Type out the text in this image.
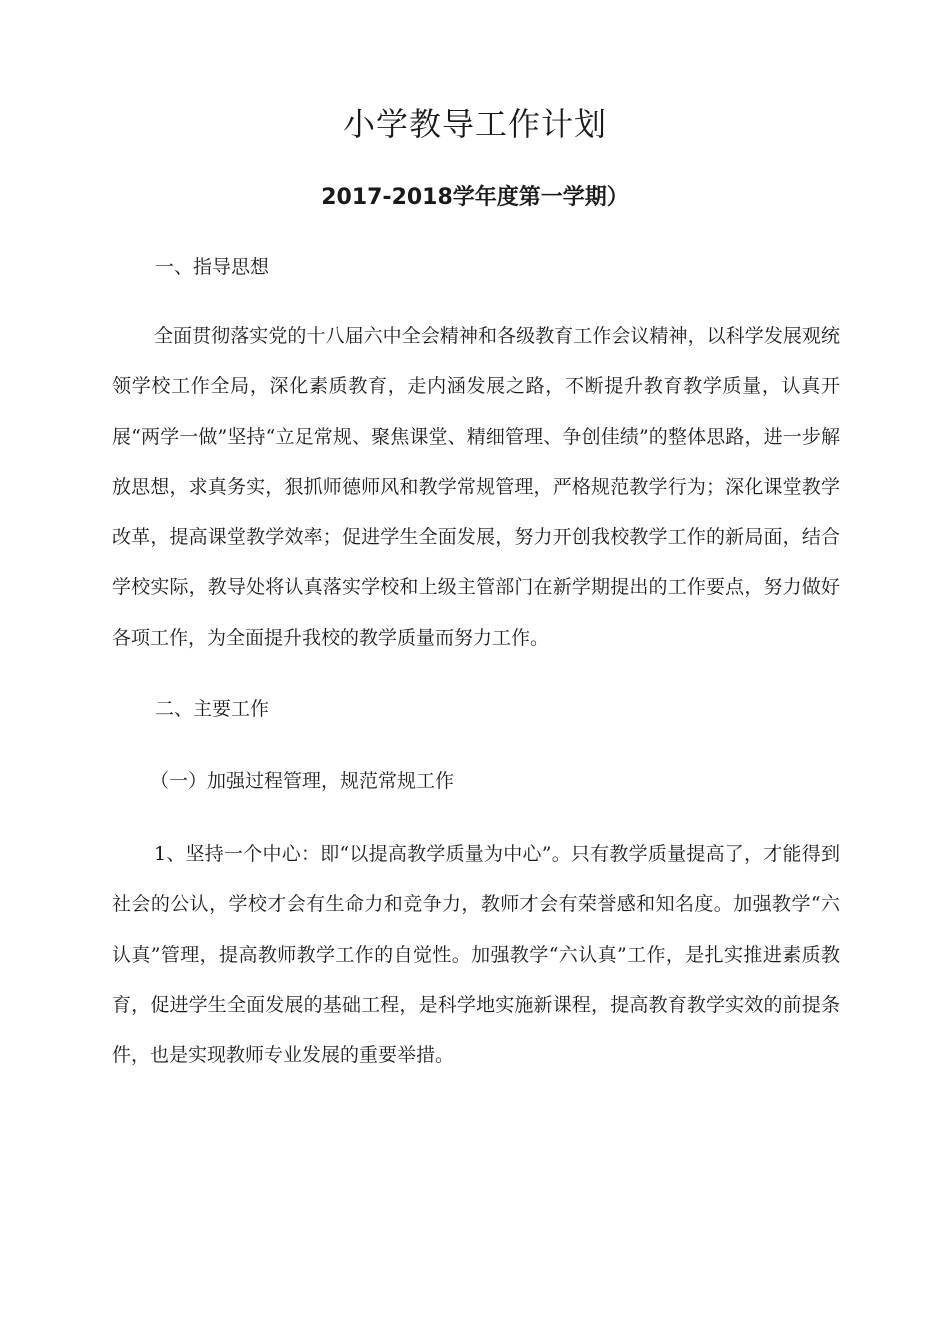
小学教导工作计划
2017-2018学年度第一学期）

一、指导思想

全面贯彻落实党的十八届六中全会精神和各级教育工作会议精神，以科学发展观统领学校工作全局，深化素质教育，走内涵发展之路，不断提升教育教学质量，认真开展“两学一做”坚持“立足常规、聚焦课堂、精细管理、争创佳绩”的整体思路，进一步解放思想，求真务实，狠抓师德师风和教学常规管理，严格规范教学行为；深化课堂教学改革，提高课堂教学效率；促进学生全面发展，努力开创我校教学工作的新局面，结合学校实际，教导处将认真落实学校和上级主管部门在新学期提出的工作要点，努力做好各项工作，为全面提升我校的教学质量而努力工作。

二、主要工作

（一）加强过程管理，规范常规工作

1、坚持一个中心：即“以提高教学质量为中心”。只有教学质量提高了，才能得到社会的公认，学校才会有生命力和竞争力，教师才会有荣誉感和知名度。加强教学“六认真”管理，提高教师教学工作的自觉性。加强教学“六认真”工作，是扎实推进素质教育，促进学生全面发展的基础工程，是科学地实施新课程，提高教育教学实效的前提条件，也是实现教师专业发展的重要举措。
